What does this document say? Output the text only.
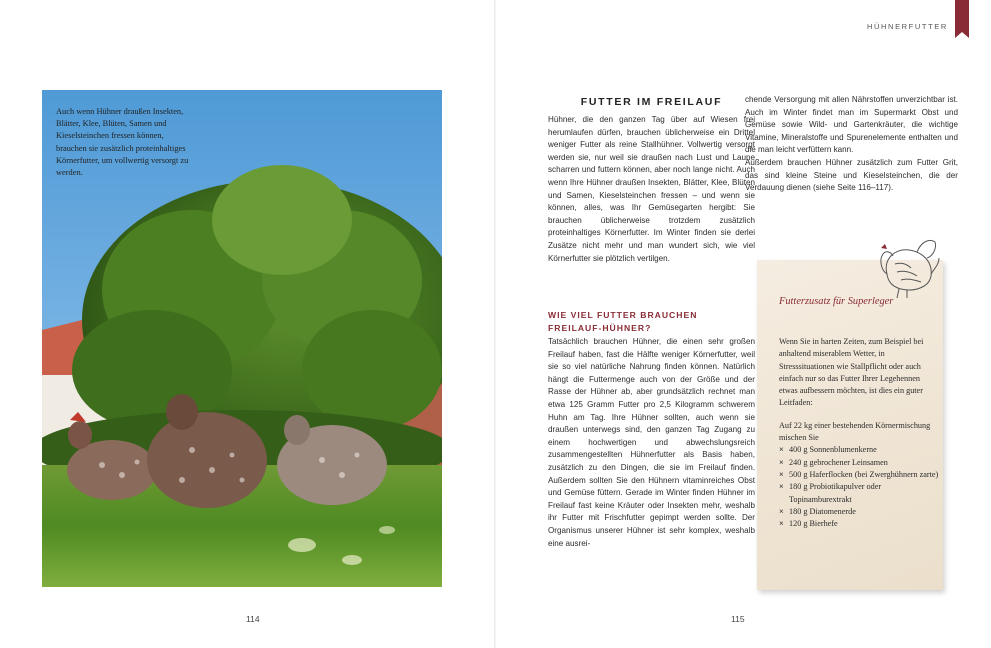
Auch wenn Hühner draußen Insekten, Blätter, Klee, Blüten, Samen und Kieselsteinchen fressen können, brauchen sie zusätzlich proteinhaltiges Körnerfutter, um vollwertig versorgt zu werden.
114
HÜHNERFUTTER
FUTTER IM FREILAUF

Hühner, die den ganzen Tag über auf Wiesen frei herumlaufen dürfen, brauchen üblicherweise ein Drittel weniger Futter als reine Stallhühner. Vollwertig versorgt werden sie, nur weil sie draußen nach Lust und Laune scharren und futtern können, aber noch lange nicht. Auch wenn Ihre Hühner draußen Insekten, Blätter, Klee, Blüten und Samen, Kieselsteinchen fressen – und wenn sie können, alles, was Ihr Gemüsegarten hergibt: Sie brauchen üblicherweise trotzdem zusätzlich proteinhaltiges Körnerfutter. Im Winter finden sie derlei Zusätze nicht mehr und man wundert sich, wie viel Körnerfutter sie plötzlich vertilgen.

WIE VIEL FUTTER BRAUCHEN FREILAUF-HÜHNER?

Tatsächlich brauchen Hühner, die einen sehr großen Freilauf haben, fast die Hälfte weniger Körnerfutter, weil sie so viel natürliche Nahrung finden können. Natürlich hängt die Futtermenge auch von der Größe und der Rasse der Hühner ab, aber grundsätzlich rechnet man etwa 125 Gramm Futter pro 2,5 Kilogramm schwerem Huhn am Tag. Ihre Hühner sollten, auch wenn sie draußen unterwegs sind, den ganzen Tag Zugang zu einem hochwertigen und abwechslungsreich zusammengestellten Hühnerfutter als Basis haben, zusätzlich zu den Dingen, die sie im Freilauf finden. Außerdem sollten Sie den Hühnern vitaminreiches Obst und Gemüse füttern. Gerade im Winter finden Hühner im Freilauf fast keine Kräuter oder Insekten mehr, weshalb ihr Futter mit Frischfutter gepimpt werden sollte. Der Organismus unserer Hühner ist sehr komplex, weshalb eine ausrei-

chende Versorgung mit allen Nährstoffen unverzichtbar ist. Auch im Winter findet man im Supermarkt Obst und Gemüse sowie Wild- und Gartenkräuter, die wichtige Vitamine, Mineralstoffe und Spurenelemente enthalten und die man leicht verfüttern kann.

Außerdem brauchen Hühner zusätzlich zum Futter Grit, das sind kleine Steine und Kieselsteinchen, die der Verdauung dienen (siehe Seite 116–117).

Futterzusatz für Superleger

Wenn Sie in harten Zeiten, zum Beispiel bei anhaltend miserablem Wetter, in Stresssituationen wie Stallpflicht oder auch einfach nur so das Futter Ihrer Legehennen etwas aufbessern möchten, ist dies ein guter Leitfaden:

Auf 22 kg einer bestehenden Körnermischung mischen Sie

× 400 g Sonnenblumenkerne
× 240 g gebrochener Leinsamen
× 500 g Haferflocken (bei Zwerghühnern zarte)
× 180 g Probiotikapulver oder Topinamburextrakt
× 180 g Diatomenerde
× 120 g Bierhefe
115
